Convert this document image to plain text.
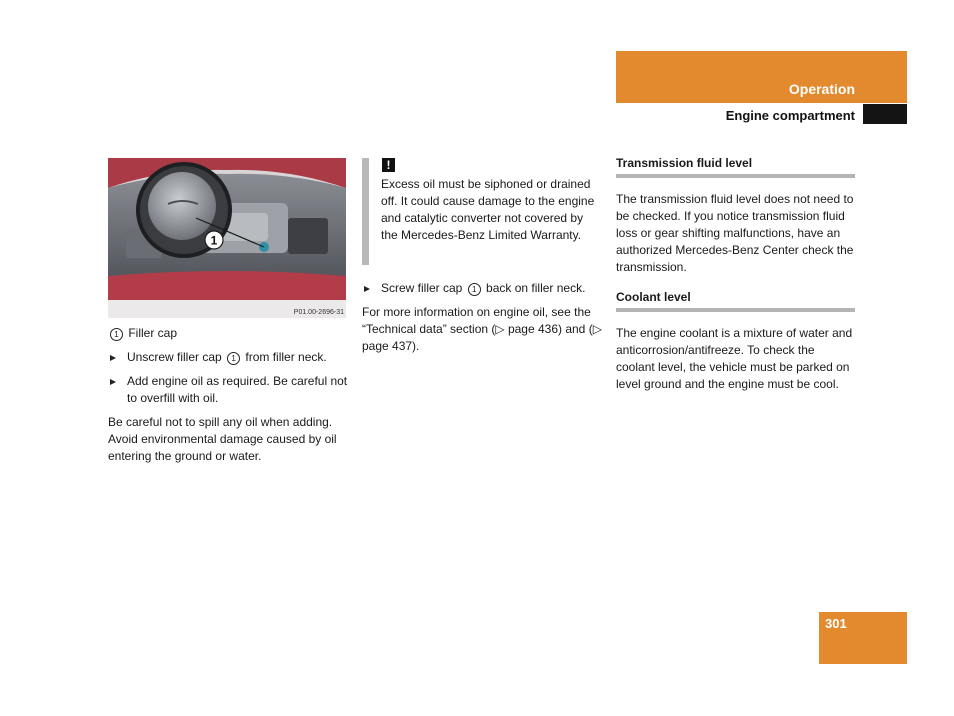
Operation
Engine compartment
1
P01.00-2696-31
1 Filler cap
Unscrew filler cap 1 from filler neck.
Add engine oil as required. Be careful not to overfill with oil.
Be careful not to spill any oil when adding. Avoid environmental damage caused by oil entering the ground or water.
!
Excess oil must be siphoned or drained off. It could cause damage to the engine and catalytic converter not covered by the Mercedes-Benz Limited Warranty.
Screw filler cap 1 back on filler neck.
For more information on engine oil, see the “Technical data” section (▷ page 436) and (▷ page 437).
Transmission fluid level
The transmission fluid level does not need to be checked. If you notice transmission fluid loss or gear shifting malfunctions, have an authorized Mercedes-Benz Center check the transmission.
Coolant level
The engine coolant is a mixture of water and anticorrosion/antifreeze. To check the coolant level, the vehicle must be parked on level ground and the engine must be cool.
301
